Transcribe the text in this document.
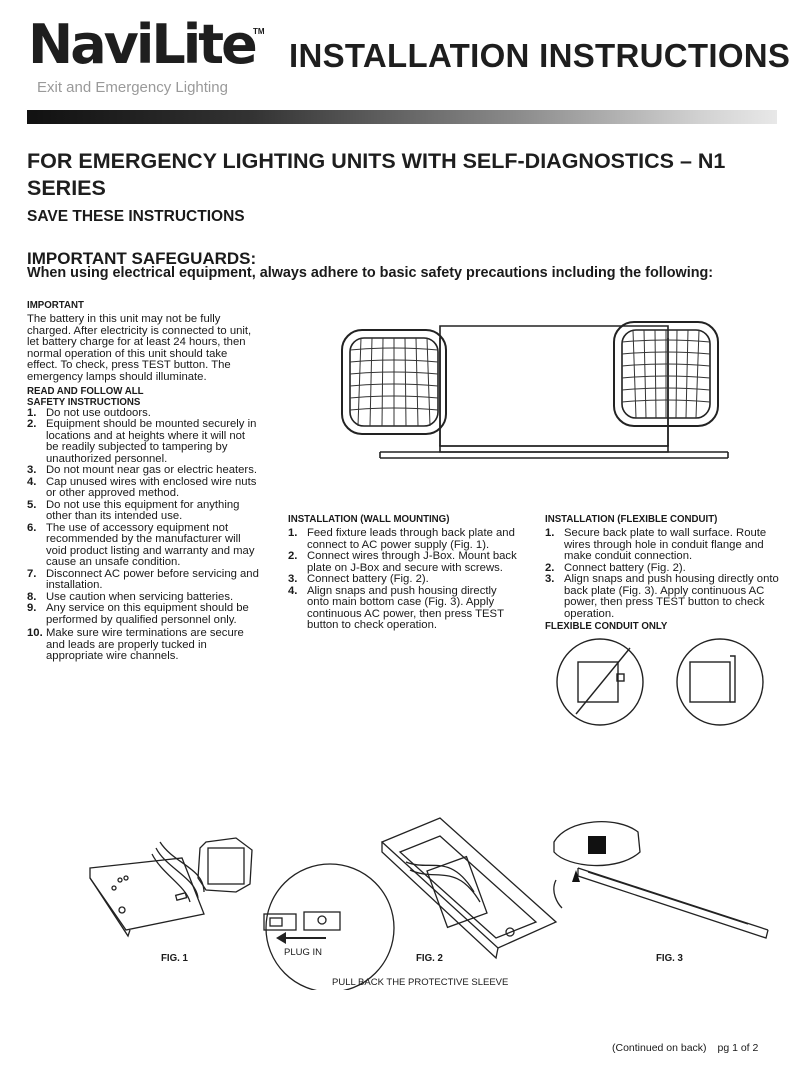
NaviLite
TM
Exit and Emergency Lighting
INSTALLATION INSTRUCTIONS
FOR EMERGENCY LIGHTING UNITS WITH SELF-DIAGNOSTICS – N1 SERIES
SAVE THESE INSTRUCTIONS
IMPORTANT SAFEGUARDS:
When using electrical equipment, always adhere to basic safety precautions including the following:
IMPORTANT
The battery in this unit may not be fully charged. After electricity is connected to unit, let battery charge for at least 24 hours, then normal operation of this unit should take effect. To check, press TEST button. The emergency lamps should illuminate.
READ AND FOLLOW ALL SAFETY INSTRUCTIONS
1. Do not use outdoors.
2. Equipment should be mounted securely in locations and at heights where it will not be readily subjected to tampering by unauthorized personnel.
3. Do not mount near gas or electric heaters.
4. Cap unused wires with enclosed wire nuts or other approved method.
5. Do not use this equipment for anything other than its intended use.
6. The use of accessory equipment not recommended by the manufacturer will void product listing and warranty and may cause an unsafe condition.
7. Disconnect AC power before servicing and installation.
8. Use caution when servicing batteries.
9. Any service on this equipment should be performed by qualified personnel only.
10. Make sure wire terminations are secure and leads are properly tucked in appropriate wire channels.
INSTALLATION (WALL MOUNTING)
1. Feed fixture leads through back plate and connect to AC power supply (Fig. 1).
2. Connect wires through J-Box. Mount back plate on J-Box and secure with screws.
3. Connect battery (Fig. 2).
4. Align snaps and push housing directly onto main bottom case (Fig. 3). Apply continuous AC power, then press TEST button to check operation.
INSTALLATION (FLEXIBLE CONDUIT)
1. Secure back plate to wall surface. Route wires through hole in conduit flange and make conduit connection.
2. Connect battery (Fig. 2).
3. Align snaps and push housing directly onto back plate (Fig. 3). Apply continuous AC power, then press TEST button to check operation.
FLEXIBLE CONDUIT ONLY
FIG. 1	FIG. 2	FIG. 3
PLUG IN
PULL BACK THE PROTECTIVE SLEEVE
(Continued on back) pg 1 of 2
